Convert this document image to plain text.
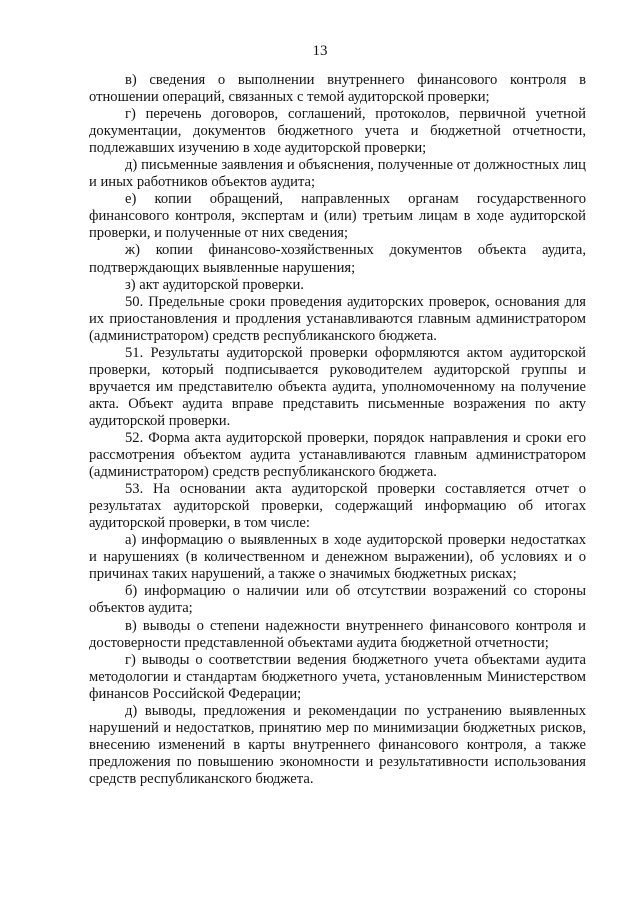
13

в) сведения о выполнении внутреннего финансового контроля в отношении операций, связанных с темой аудиторской проверки;

г) перечень договоров, соглашений, протоколов, первичной учетной документации, документов бюджетного учета и бюджетной отчетности, подлежавших изучению в ходе аудиторской проверки;

д) письменные заявления и объяснения, полученные от должностных лиц и иных работников объектов аудита;

е) копии обращений, направленных органам государственного финансового контроля, экспертам и (или) третьим лицам в ходе аудиторской проверки, и полученные от них сведения;

ж) копии финансово-хозяйственных документов объекта аудита, подтверждающих выявленные нарушения;

з) акт аудиторской проверки.

50. Предельные сроки проведения аудиторских проверок, основания для их приостановления и продления устанавливаются главным администратором (администратором) средств республиканского бюджета.

51. Результаты аудиторской проверки оформляются актом аудиторской проверки, который подписывается руководителем аудиторской группы и вручается им представителю объекта аудита, уполномоченному на получение акта. Объект аудита вправе представить письменные возражения по акту аудиторской проверки.

52. Форма акта аудиторской проверки, порядок направления и сроки его рассмотрения объектом аудита устанавливаются главным администратором (администратором) средств республиканского бюджета.

53. На основании акта аудиторской проверки составляется отчет о результатах аудиторской проверки, содержащий информацию об итогах аудиторской проверки, в том числе:

а) информацию о выявленных в ходе аудиторской проверки недостатках и нарушениях (в количественном и денежном выражении), об условиях и о причинах таких нарушений, а также о значимых бюджетных рисках;

б) информацию о наличии или об отсутствии возражений со стороны объектов аудита;

в) выводы о степени надежности внутреннего финансового контроля и достоверности представленной объектами аудита бюджетной отчетности;

г) выводы о соответствии ведения бюджетного учета объектами аудита методологии и стандартам бюджетного учета, установленным Министерством финансов Российской Федерации;

д) выводы, предложения и рекомендации по устранению выявленных нарушений и недостатков, принятию мер по минимизации бюджетных рисков, внесению изменений в карты внутреннего финансового контроля, а также предложения по повышению экономности и результативности использования средств республиканского бюджета.
